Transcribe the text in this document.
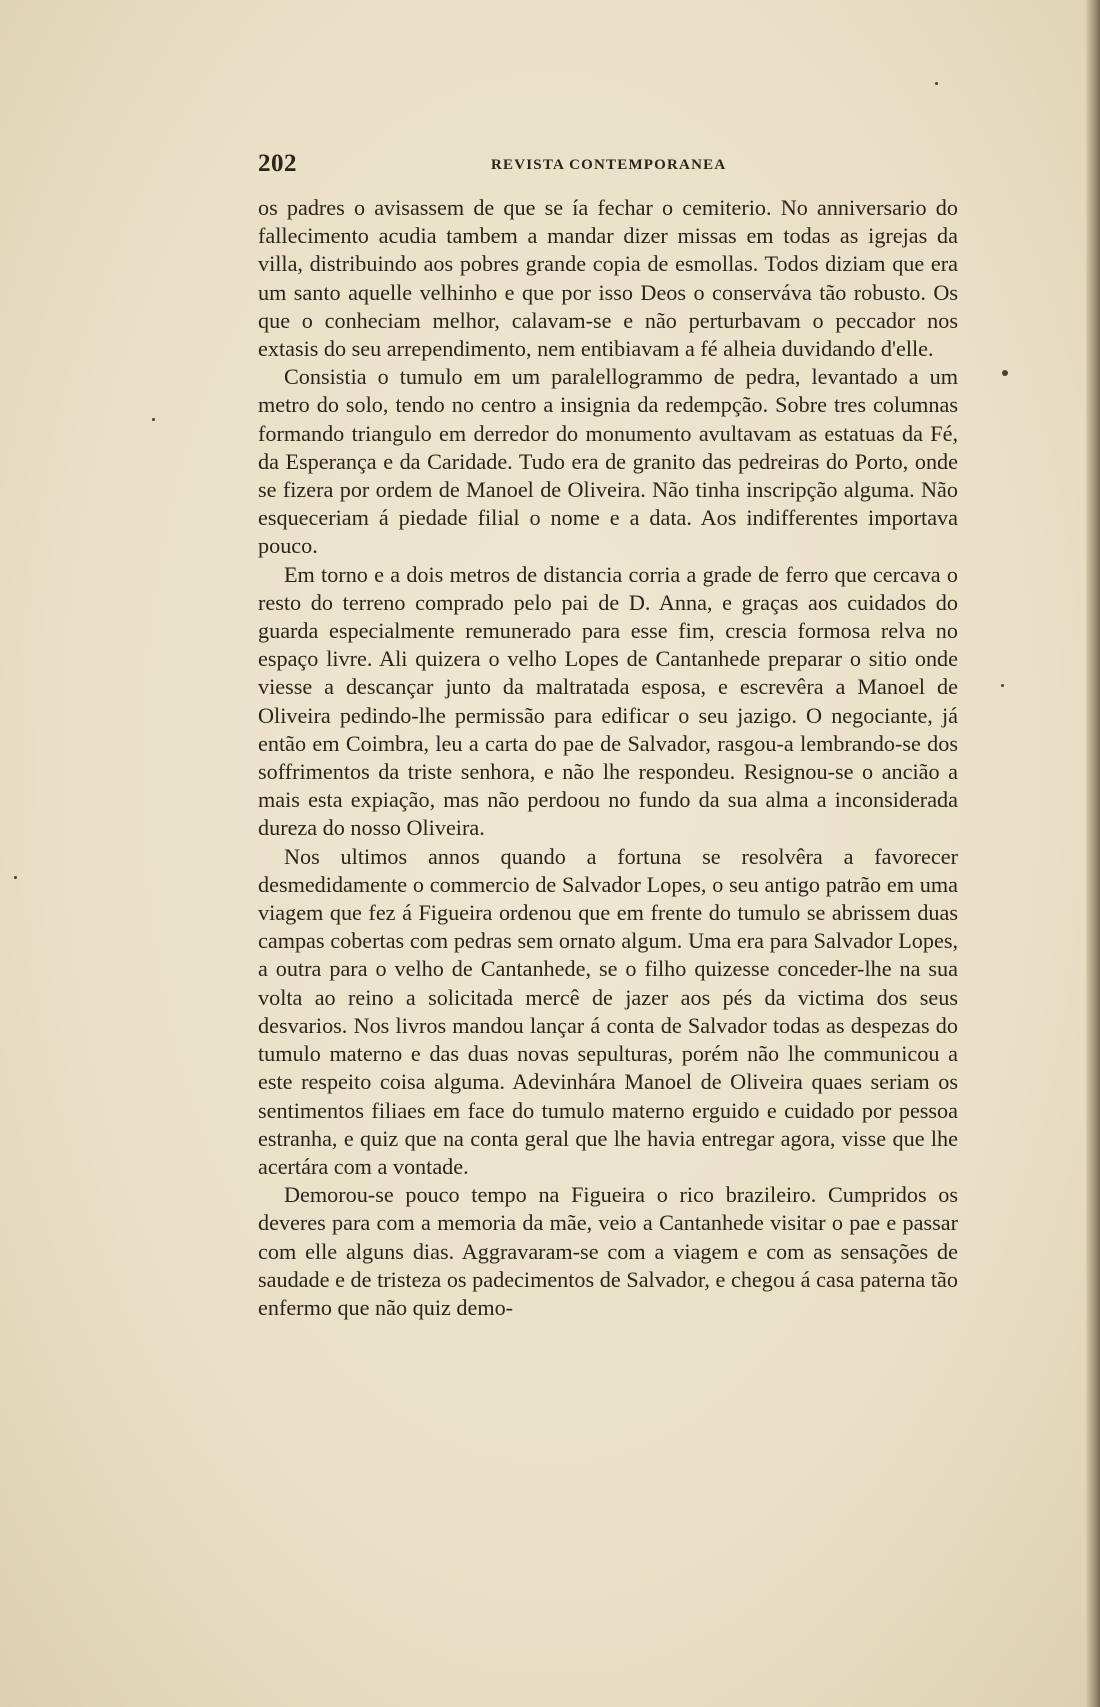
202	REVISTA CONTEMPORANEA

os padres o avisassem de que se ía fechar o cemiterio. No anniversario do fallecimento acudia tambem a mandar dizer missas em todas as igrejas da villa, distribuindo aos pobres grande copia de esmollas. Todos diziam que era um santo aquelle velhinho e que por isso Deos o conserváva tão robusto. Os que o conheciam melhor, calavam-se e não perturbavam o peccador nos extasis do seu arrependimento, nem entibiavam a fé alheia duvidando d'elle.

Consistia o tumulo em um paralellogrammo de pedra, levantado a um metro do solo, tendo no centro a insignia da redempção. Sobre tres columnas formando triangulo em derredor do monumento avultavam as estatuas da Fé, da Esperança e da Caridade. Tudo era de granito das pedreiras do Porto, onde se fizera por ordem de Manoel de Oliveira. Não tinha inscripção alguma. Não esqueceriam á piedade filial o nome e a data. Aos indifferentes importava pouco.

Em torno e a dois metros de distancia corria a grade de ferro que cercava o resto do terreno comprado pelo pai de D. Anna, e graças aos cuidados do guarda especialmente remunerado para esse fim, crescia formosa relva no espaço livre. Ali quizera o velho Lopes de Cantanhede preparar o sitio onde viesse a descançar junto da maltratada esposa, e escrevêra a Manoel de Oliveira pedindo-lhe permissão para edificar o seu jazigo. O negociante, já então em Coimbra, leu a carta do pae de Salvador, rasgou-a lembrando-se dos soffrimentos da triste senhora, e não lhe respondeu. Resignou-se o ancião a mais esta expiação, mas não perdoou no fundo da sua alma a inconsiderada dureza do nosso Oliveira.

Nos ultimos annos quando a fortuna se resolvêra a favorecer desmedidamente o commercio de Salvador Lopes, o seu antigo patrão em uma viagem que fez á Figueira ordenou que em frente do tumulo se abrissem duas campas cobertas com pedras sem ornato algum. Uma era para Salvador Lopes, a outra para o velho de Cantanhede, se o filho quizesse conceder-lhe na sua volta ao reino a solicitada mercê de jazer aos pés da victima dos seus desvarios. Nos livros mandou lançar á conta de Salvador todas as despezas do tumulo materno e das duas novas sepulturas, porém não lhe communicou a este respeito coisa alguma. Adevinhára Manoel de Oliveira quaes seriam os sentimentos filiaes em face do tumulo materno erguido e cuidado por pessoa estranha, e quiz que na conta geral que lhe havia entregar agora, visse que lhe acertára com a vontade.

Demorou-se pouco tempo na Figueira o rico brazileiro. Cumpridos os deveres para com a memoria da mãe, veio a Cantanhede visitar o pae e passar com elle alguns dias. Aggravaram-se com a viagem e com as sensações de saudade e de tristeza os padecimentos de Salvador, e chegou á casa paterna tão enfermo que não quiz demo-
